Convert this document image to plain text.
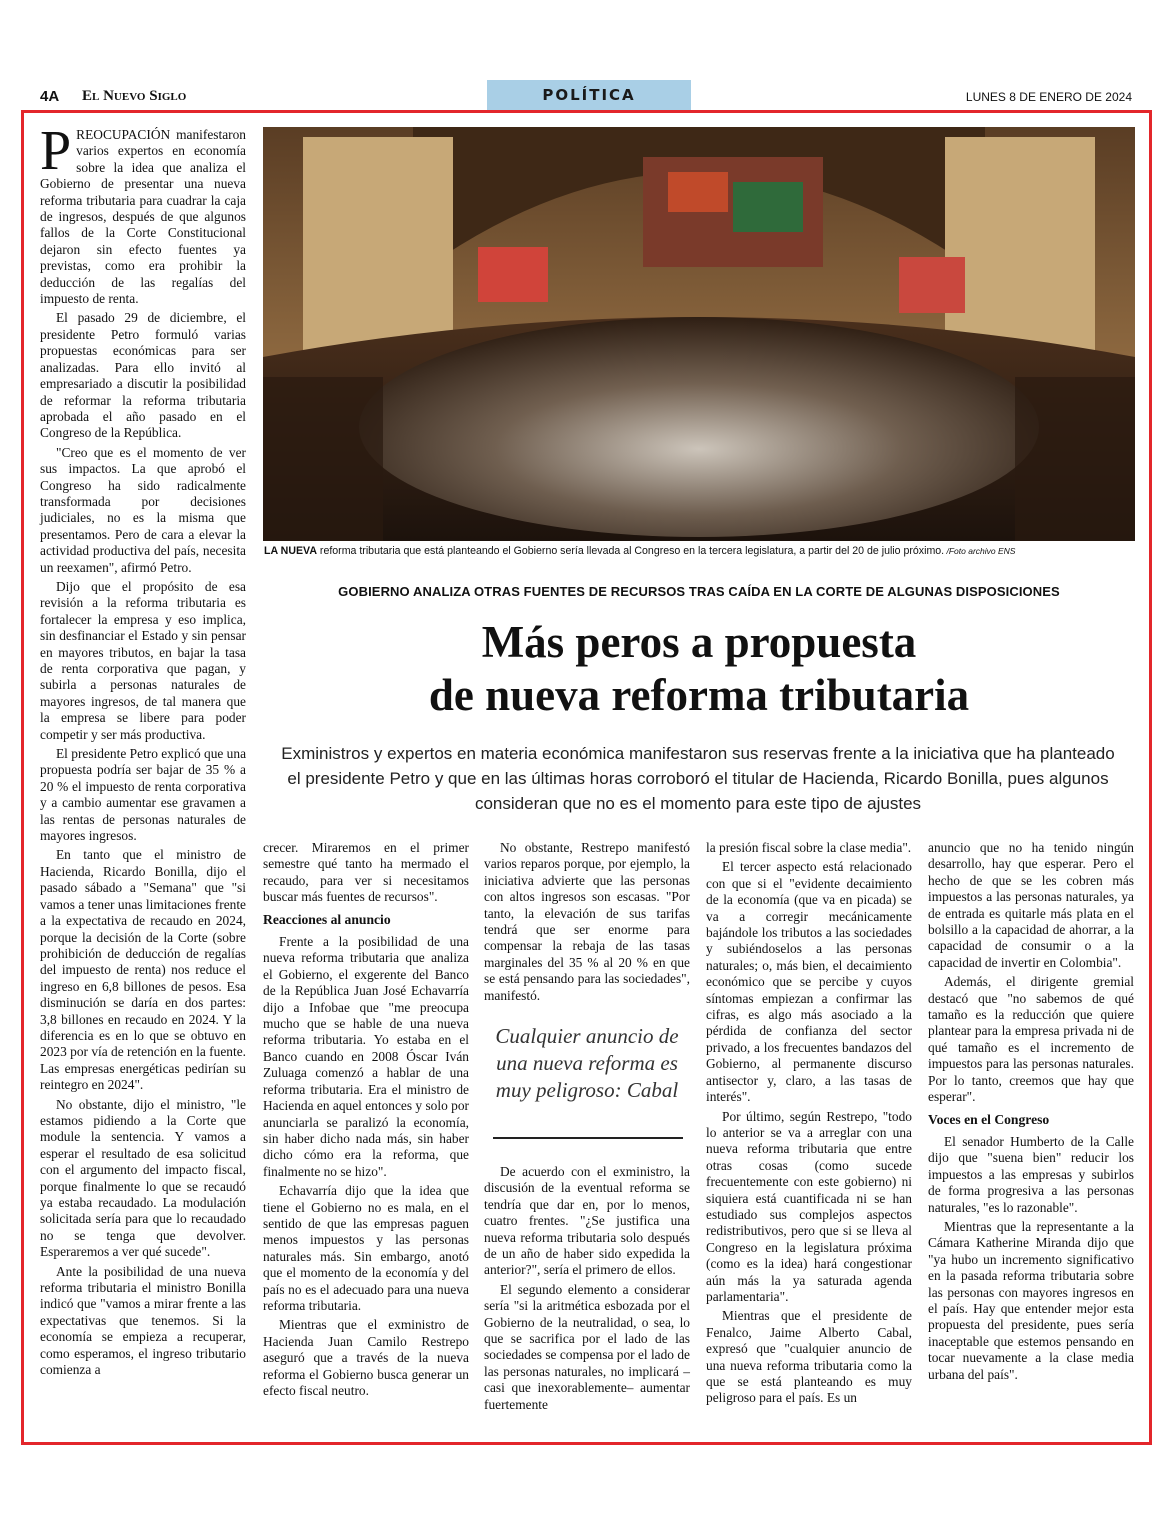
4A El Nuevo Siglo	POLÍTICA	LUNES 8 DE ENERO DE 2024

PREOCUPACIÓN manifestaron varios expertos en economía sobre la idea que analiza el Gobierno de presentar una nueva reforma tributaria para cuadrar la caja de ingresos, después de que algunos fallos de la Corte Constitucional dejaron sin efecto fuentes ya previstas, como era prohibir la deducción de las regalías del impuesto de renta.

El pasado 29 de diciembre, el presidente Petro formuló varias propuestas económicas para ser analizadas. Para ello invitó al empresariado a discutir la posibilidad de reformar la reforma tributaria aprobada el año pasado en el Congreso de la República.

"Creo que es el momento de ver sus impactos. La que aprobó el Congreso ha sido radicalmente transformada por decisiones judiciales, no es la misma que presentamos. Pero de cara a elevar la actividad productiva del país, necesita un reexamen", afirmó Petro.

Dijo que el propósito de esa revisión a la reforma tributaria es fortalecer la empresa y eso implica, sin desfinanciar el Estado y sin pensar en mayores tributos, en bajar la tasa de renta corporativa que pagan, y subirla a personas naturales de mayores ingresos, de tal manera que la empresa se libere para poder competir y ser más productiva.

El presidente Petro explicó que una propuesta podría ser bajar de 35 % a 20 % el impuesto de renta corporativa y a cambio aumentar ese gravamen a las rentas de personas naturales de mayores ingresos.

En tanto que el ministro de Hacienda, Ricardo Bonilla, dijo el pasado sábado a "Semana" que "si vamos a tener unas limitaciones frente a la expectativa de recaudo en 2024, porque la decisión de la Corte (sobre prohibición de deducción de regalías del impuesto de renta) nos reduce el ingreso en 6,8 billones de pesos. Esa disminución se daría en dos partes: 3,8 billones en recaudo en 2024. Y la diferencia es en lo que se obtuvo en 2023 por vía de retención en la fuente. Las empresas energéticas pedirían su reintegro en 2024".

No obstante, dijo el ministro, "le estamos pidiendo a la Corte que module la sentencia. Y vamos a esperar el resultado de esa solicitud con el argumento del impacto fiscal, porque finalmente lo que se recaudó ya estaba recaudado. La modulación solicitada sería para que lo recaudado no se tenga que devolver. Esperaremos a ver qué sucede".

Ante la posibilidad de una nueva reforma tributaria el ministro Bonilla indicó que "vamos a mirar frente a las expectativas que tenemos. Si la economía se empieza a recuperar, como esperamos, el ingreso tributario comienza a

LA NUEVA reforma tributaria que está planteando el Gobierno sería llevada al Congreso en la tercera legislatura, a partir del 20 de julio próximo. /Foto archivo ENS
GOBIERNO ANALIZA OTRAS FUENTES DE RECURSOS TRAS CAÍDA EN LA CORTE DE ALGUNAS DISPOSICIONES
Más peros a propuesta
de nueva reforma tributaria
Exministros y expertos en materia económica manifestaron sus reservas frente a la iniciativa que ha planteado el presidente Petro y que en las últimas horas corroboró el titular de Hacienda, Ricardo Bonilla, pues algunos consideran que no es el momento para este tipo de ajustes

crecer. Miraremos en el primer semestre qué tanto ha mermado el recaudo, para ver si necesitamos buscar más fuentes de recursos".

Reacciones al anuncio

Frente a la posibilidad de una nueva reforma tributaria que analiza el Gobierno, el exgerente del Banco de la República Juan José Echavarría dijo a Infobae que "me preocupa mucho que se hable de una nueva reforma tributaria. Yo estaba en el Banco cuando en 2008 Óscar Iván Zuluaga comenzó a hablar de una reforma tributaria. Era el ministro de Hacienda en aquel entonces y solo por anunciarla se paralizó la economía, sin haber dicho nada más, sin haber dicho cómo era la reforma, que finalmente no se hizo".

Echavarría dijo que la idea que tiene el Gobierno no es mala, en el sentido de que las empresas paguen menos impuestos y las personas naturales más. Sin embargo, anotó que el momento de la economía y del país no es el adecuado para una nueva reforma tributaria.

Mientras que el exministro de Hacienda Juan Camilo Restrepo aseguró que a través de la nueva reforma el Gobierno busca generar un efecto fiscal neutro.

No obstante, Restrepo manifestó varios reparos porque, por ejemplo, la iniciativa advierte que las personas con altos ingresos son escasas. "Por tanto, la elevación de sus tarifas tendrá que ser enorme para compensar la rebaja de las tasas marginales del 35 % al 20 % en que se está pensando para las sociedades", manifestó.

Cualquier anuncio de una nueva reforma es muy peligroso: Cabal

De acuerdo con el exministro, la discusión de la eventual reforma se tendría que dar en, por lo menos, cuatro frentes. "¿Se justifica una nueva reforma tributaria solo después de un año de haber sido expedida la anterior?", sería el primero de ellos.

El segundo elemento a considerar sería "si la aritmética esbozada por el Gobierno de la neutralidad, o sea, lo que se sacrifica por el lado de las sociedades se compensa por el lado de las personas naturales, no implicará –casi que inexorablemente– aumentar fuertemente

la presión fiscal sobre la clase media".

El tercer aspecto está relacionado con que si el "evidente decaimiento de la economía (que va en picada) se va a corregir mecánicamente bajándole los tributos a las sociedades y subiéndoselos a las personas naturales; o, más bien, el decaimiento económico que se percibe y cuyos síntomas empiezan a confirmar las cifras, es algo más asociado a la pérdida de confianza del sector privado, a los frecuentes bandazos del Gobierno, al permanente discurso antisector y, claro, a las tasas de interés".

Por último, según Restrepo, "todo lo anterior se va a arreglar con una nueva reforma tributaria que entre otras cosas (como sucede frecuentemente con este gobierno) ni siquiera está cuantificada ni se han estudiado sus complejos aspectos redistributivos, pero que si se lleva al Congreso en la legislatura próxima (como es la idea) hará congestionar aún más la ya saturada agenda parlamentaria".

Mientras que el presidente de Fenalco, Jaime Alberto Cabal, expresó que "cualquier anuncio de una nueva reforma tributaria como la que se está planteando es muy peligroso para el país. Es un

anuncio que no ha tenido ningún desarrollo, hay que esperar. Pero el hecho de que se les cobren más impuestos a las personas naturales, ya de entrada es quitarle más plata en el bolsillo a la capacidad de ahorrar, a la capacidad de consumir o a la capacidad de invertir en Colombia".

Además, el dirigente gremial destacó que "no sabemos de qué tamaño es la reducción que quiere plantear para la empresa privada ni de qué tamaño es el incremento de impuestos para las personas naturales. Por lo tanto, creemos que hay que esperar".

Voces en el Congreso

El senador Humberto de la Calle dijo que "suena bien" reducir los impuestos a las empresas y subirlos de forma progresiva a las personas naturales, "es lo razonable".

Mientras que la representante a la Cámara Katherine Miranda dijo que "ya hubo un incremento significativo en la pasada reforma tributaria sobre las personas con mayores ingresos en el país. Hay que entender mejor esta propuesta del presidente, pues sería inaceptable que estemos pensando en tocar nuevamente a la clase media urbana del país".
